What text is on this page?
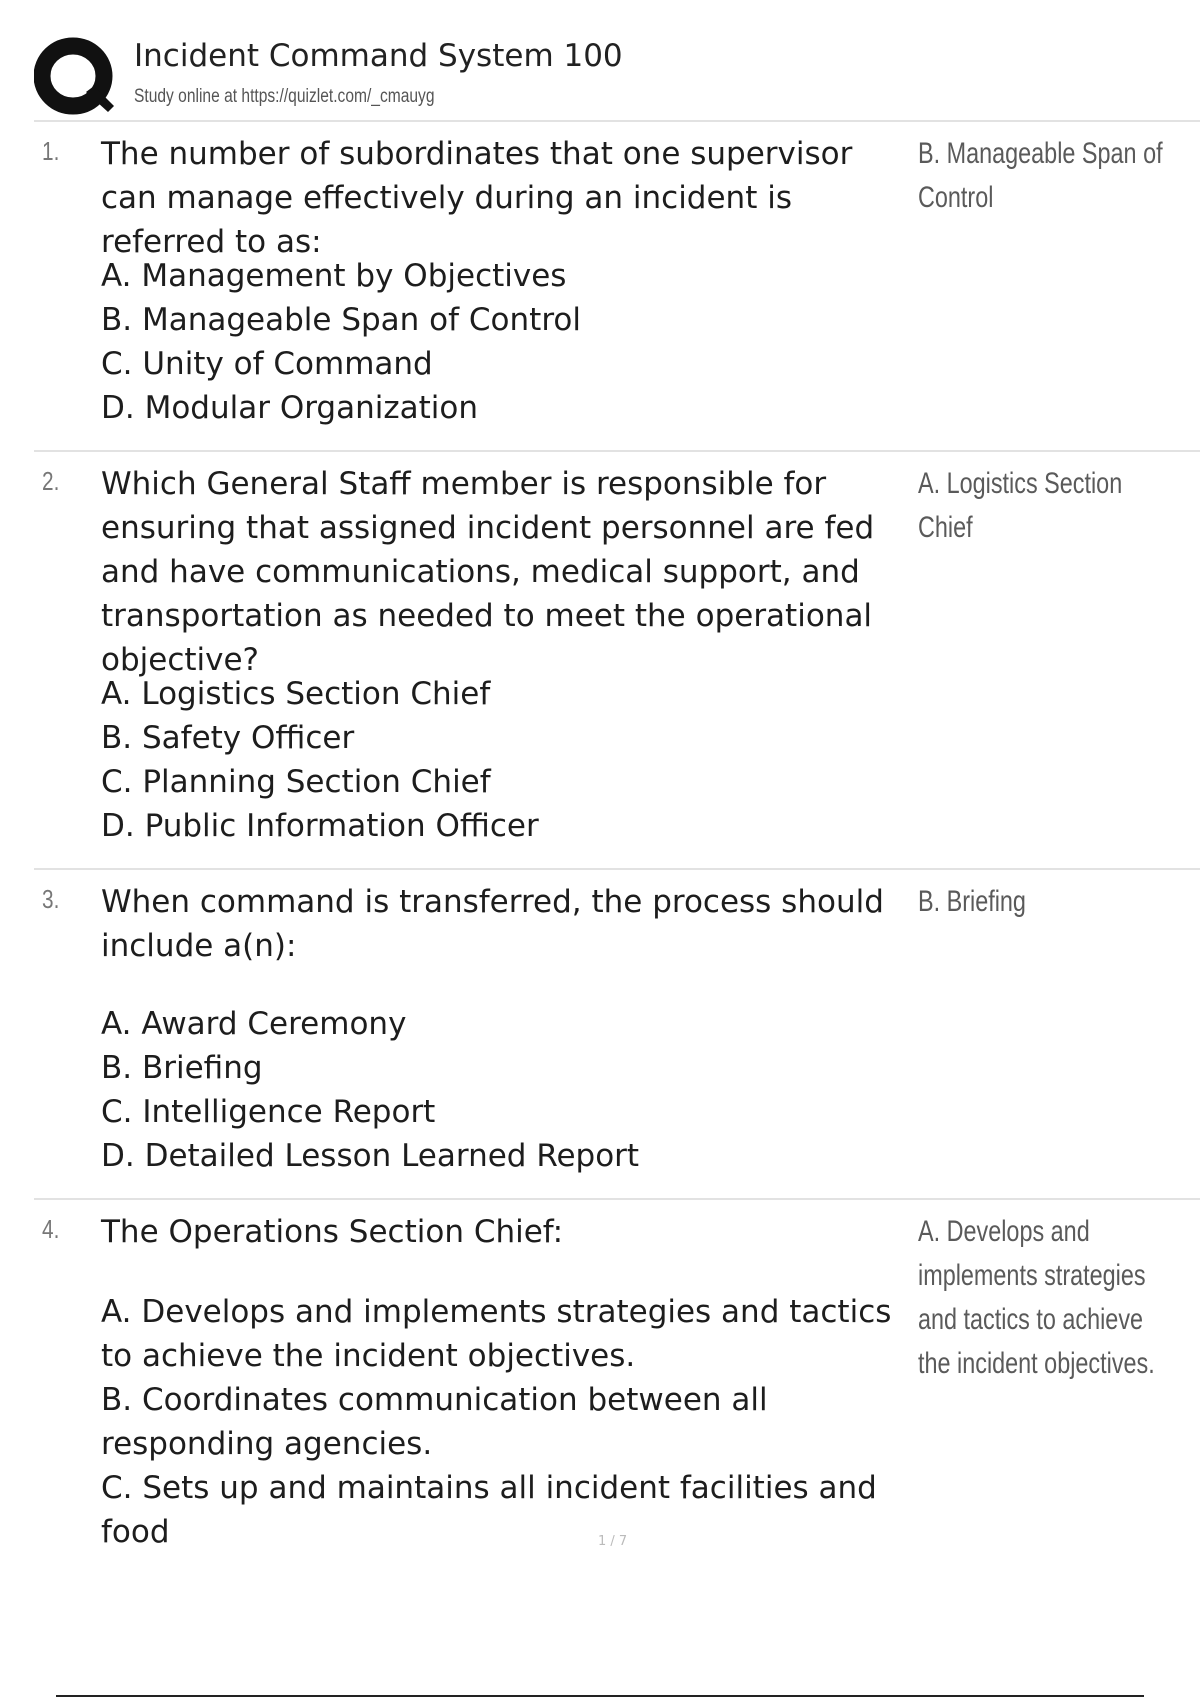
Incident Command System 100
Study online at https://quizlet.com/_cmauyg
1. The number of subordinates that one supervisor can manage effectively during an incident is referred to as:
A. Management by Objectives
B. Manageable Span of Control
C. Unity of Command
D. Modular Organization
B. Manageable Span of Control
2. Which General Staff member is responsible for ensuring that assigned incident personnel are fed and have communications, medical support, and transportation as needed to meet the operational objective?
A. Logistics Section Chief
B. Safety Officer
C. Planning Section Chief
D. Public Information Officer
A. Logistics Section Chief
3. When command is transferred, the process should include a(n):
A. Award Ceremony
B. Briefing
C. Intelligence Report
D. Detailed Lesson Learned Report
B. Briefing
4. The Operations Section Chief:
A. Develops and implements strategies and tactics to achieve the incident objectives.
B. Coordinates communication between all responding agencies.
C. Sets up and maintains all incident facilities and food
A. Develops and implements strategies and tactics to achieve the incident objectives.
1 / 7
